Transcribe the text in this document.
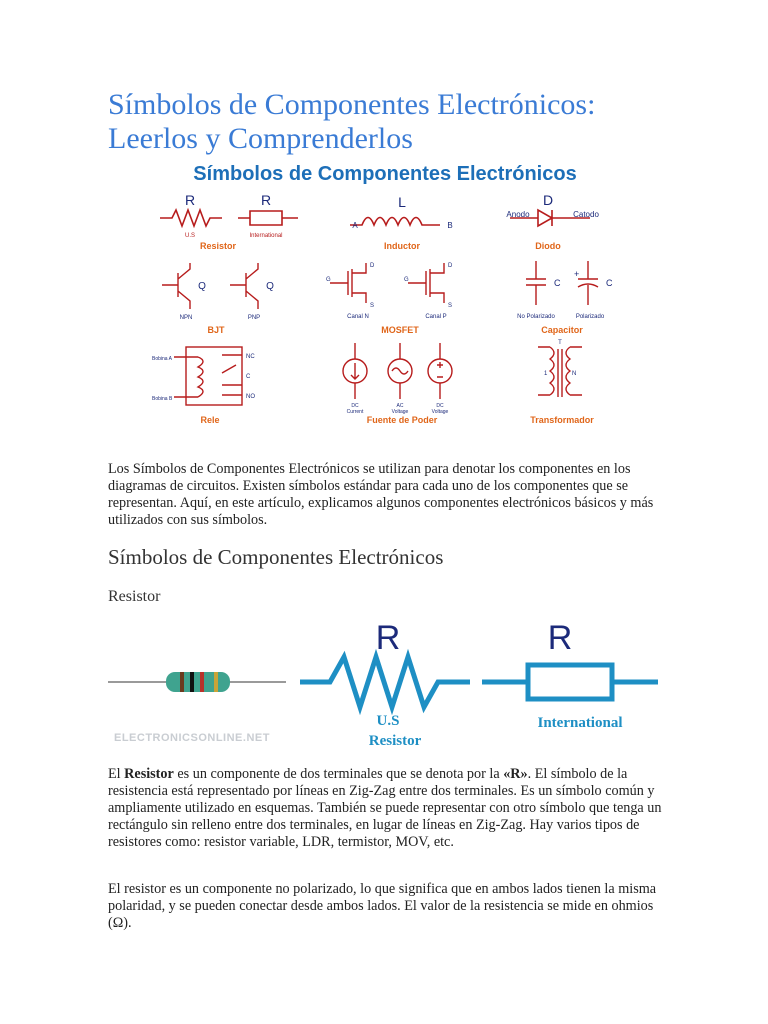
Símbolos de Componentes Electrónicos: Leerlos y Comprenderlos
Símbolos de Componentes Electrónicos
R	R
U.S	International
Resistor
L
A	B
Inductor
D
Anodo	Catodo
Diodo
Q	Q
NPN	PNP
BJT
D
G
S
D
G
S
Canal N	Canal P
MOSFET
C	C
+
No Polarizado	Polarizado
Capacitor
Bobina A
Bobina B
NC
C
NO
Rele
DC
Current
AC
Voltage
DC
Voltage
Fuente de Poder
T
1	N
Transformador

Los Símbolos de Componentes Electrónicos se utilizan para denotar los componentes en los diagramas de circuitos. Existen símbolos estándar para cada uno de los componentes que se representan. Aquí, en este artículo, explicamos algunos componentes electrónicos básicos y más utilizados con sus símbolos.

Símbolos de Componentes Electrónicos
Resistor
ELECTRONICSONLINE.NET
R
U.S
Resistor
R
International

El Resistor es un componente de dos terminales que se denota por la «R». El símbolo de la resistencia está representado por líneas en Zig-Zag entre dos terminales. Es un símbolo común y ampliamente utilizado en esquemas. También se puede representar con otro símbolo que tenga un rectángulo sin relleno entre dos terminales, en lugar de líneas en Zig-Zag. Hay varios tipos de resistores como: resistor variable, LDR, termistor, MOV, etc.

El resistor es un componente no polarizado, lo que significa que en ambos lados tienen la misma polaridad, y se pueden conectar desde ambos lados. El valor de la resistencia se mide en ohmios (Ω).
